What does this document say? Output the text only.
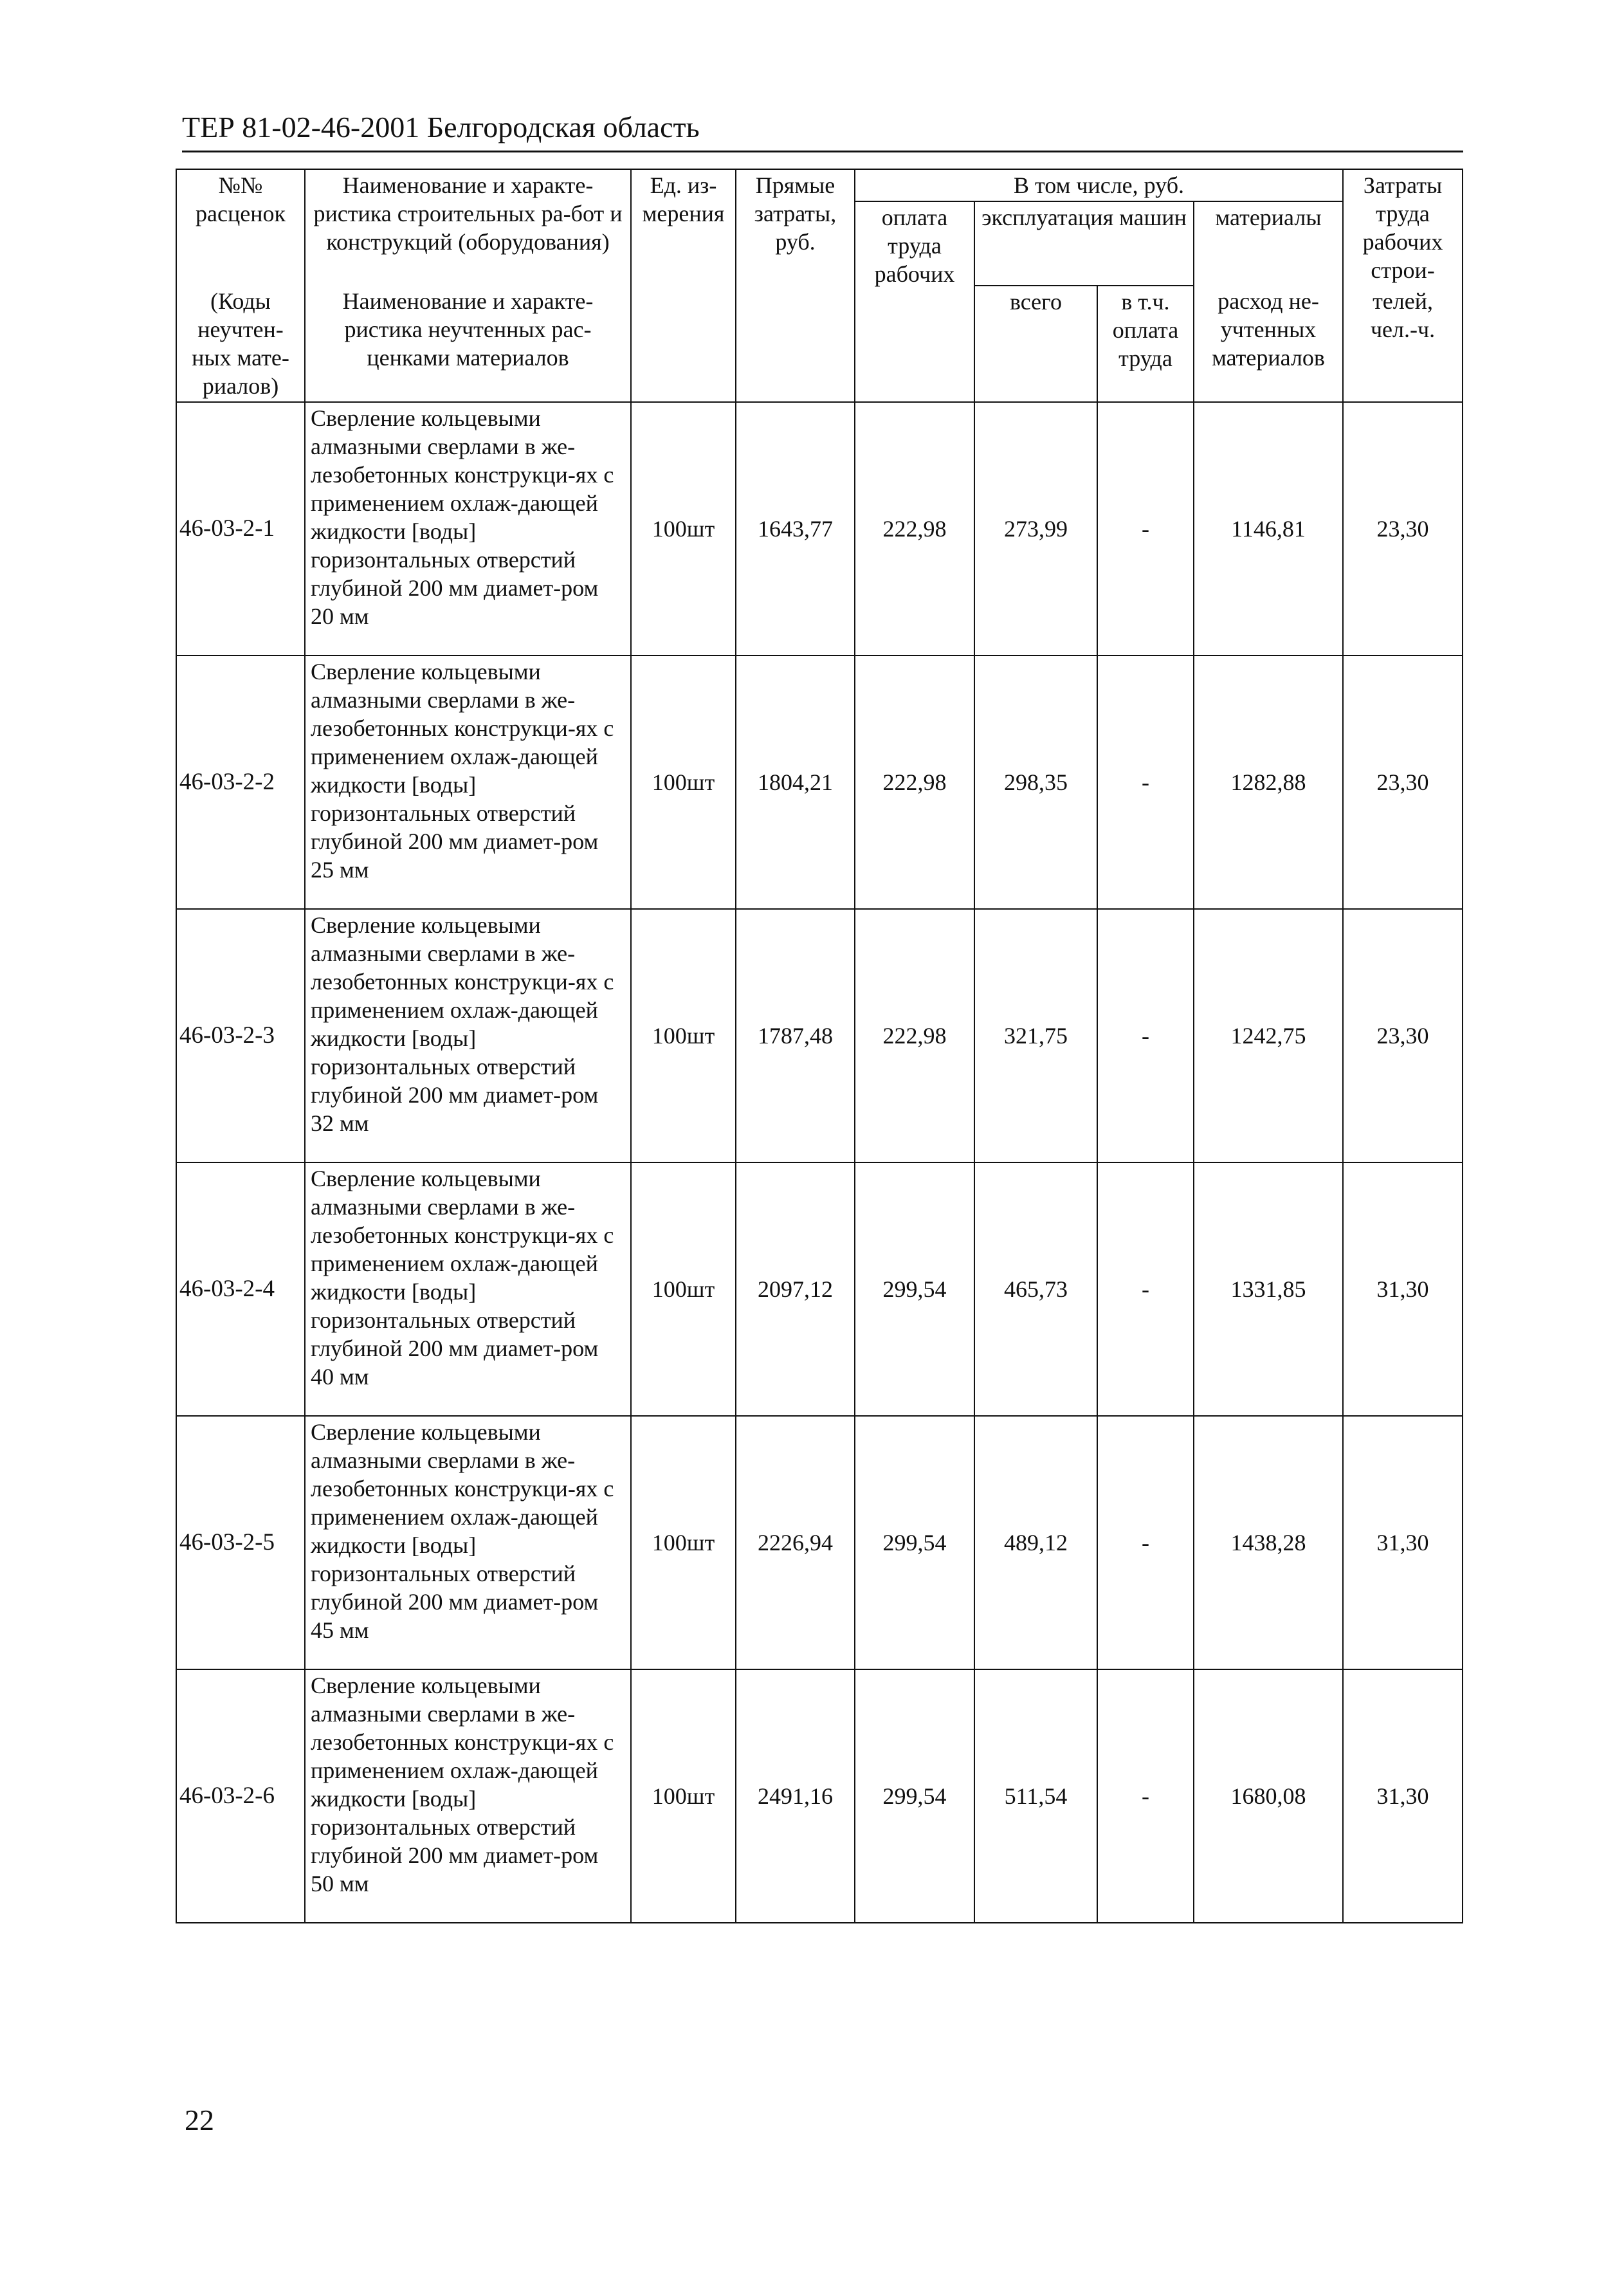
ТЕР 81-02-46-2001 Белгородская область
№№ расценок	Наименование и характе-ристика строительных ра-бот и конструкций (оборудования)	Ед. из-мерения	Прямые затраты, руб.	В том числе, руб.				Затраты труда рабочих строи-
				оплата труда рабочих	эксплуатация машин		материалы	
(Коды неучтен-ных мате-риалов)	Наименование и характе-ристика неучтенных рас-ценками материалов				всего	в т.ч. оплата труда	расход не-учтенных материалов	телей, чел.-ч.
46-03-2-1	Сверление кольцевыми алмазными сверлами в же-лезобетонных конструкци-ях с применением охлаж-дающей жидкости [воды] горизонтальных отверстий глубиной 200 мм диамет-ром 20 мм	100шт	1643,77	222,98	273,99	-	1146,81	23,30
46-03-2-2	Сверление кольцевыми алмазными сверлами в же-лезобетонных конструкци-ях с применением охлаж-дающей жидкости [воды] горизонтальных отверстий глубиной 200 мм диамет-ром 25 мм	100шт	1804,21	222,98	298,35	-	1282,88	23,30
46-03-2-3	Сверление кольцевыми алмазными сверлами в же-лезобетонных конструкци-ях с применением охлаж-дающей жидкости [воды] горизонтальных отверстий глубиной 200 мм диамет-ром 32 мм	100шт	1787,48	222,98	321,75	-	1242,75	23,30
46-03-2-4	Сверление кольцевыми алмазными сверлами в же-лезобетонных конструкци-ях с применением охлаж-дающей жидкости [воды] горизонтальных отверстий глубиной 200 мм диамет-ром 40 мм	100шт	2097,12	299,54	465,73	-	1331,85	31,30
46-03-2-5	Сверление кольцевыми алмазными сверлами в же-лезобетонных конструкци-ях с применением охлаж-дающей жидкости [воды] горизонтальных отверстий глубиной 200 мм диамет-ром 45 мм	100шт	2226,94	299,54	489,12	-	1438,28	31,30
46-03-2-6	Сверление кольцевыми алмазными сверлами в же-лезобетонных конструкци-ях с применением охлаж-дающей жидкости [воды] горизонтальных отверстий глубиной 200 мм диамет-ром 50 мм	100шт	2491,16	299,54	511,54	-	1680,08	31,30
22
